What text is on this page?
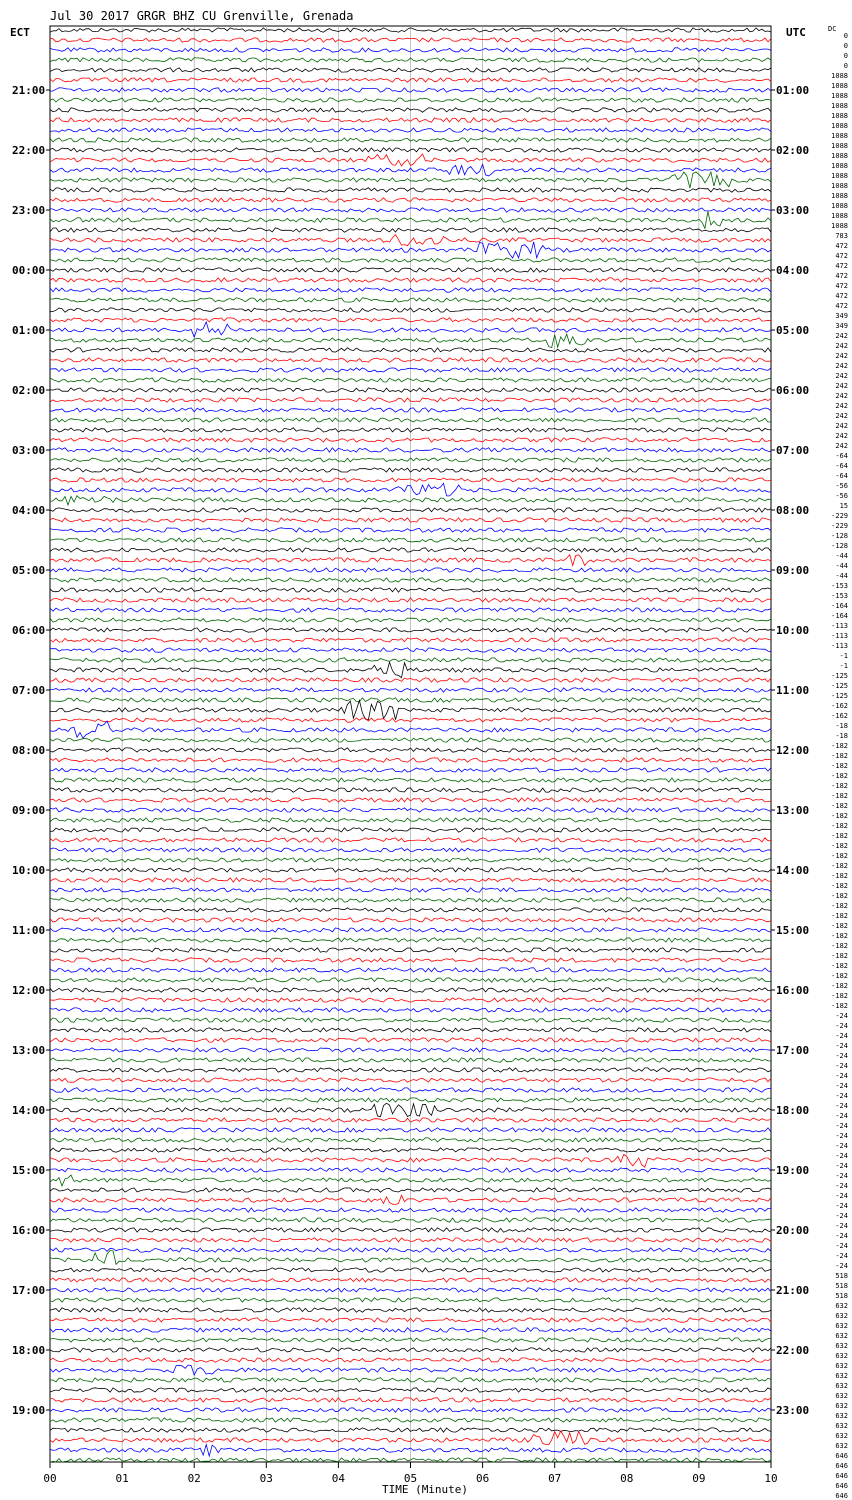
Jul 30 2017 GRGR BHZ CU Grenville, Grenada
ECT	UTC	DC
21:00
22:00
23:00
00:00
01:00
02:00
03:00
04:00
05:00
06:00
07:00
08:00
09:00
10:00
11:00
12:00
13:00
14:00
15:00
16:00
17:00
18:00
19:00
01:00
02:00
03:00
04:00
05:00
06:00
07:00
08:00
09:00
10:00
11:00
12:00
13:00
14:00
15:00
16:00
17:00
18:00
19:00
20:00
21:00
22:00
23:00
0
0
0
0
1088
1088
1088
1088
1088
1088
1088
1088
1088
1088
1088
1088
1088
1088
1088
1088
783
472
472
472
472
472
472
472
349
349
242
242
242
242
242
242
242
242
242
242
242
242
-64
-64
-64
-56
-56
15
-229
-229
-128
-128
-44
-44
-44
-153
-153
-164
-164
-113
-113
-113
-1
-1
-125
-125
-125
-162
-162
-18
-18
-182
-182
-182
-182
-182
-182
-182
-182
-182
-182
-182
-182
-182
-182
-182
-182
-182
-182
-182
-182
-182
-182
-182
-182
-182
-182
-182
-24
-24
-24
-24
-24
-24
-24
-24
-24
-24
-24
-24
-24
-24
-24
-24
-24
-24
-24
-24
-24
-24
-24
-24
-24
-24
518
518
518
632
632
632
632
632
632
632
632
632
632
632
632
632
632
632
646
646
646
646
646
00	01	02	03	04	05	06	07	08	09	10
TIME (Minute)
